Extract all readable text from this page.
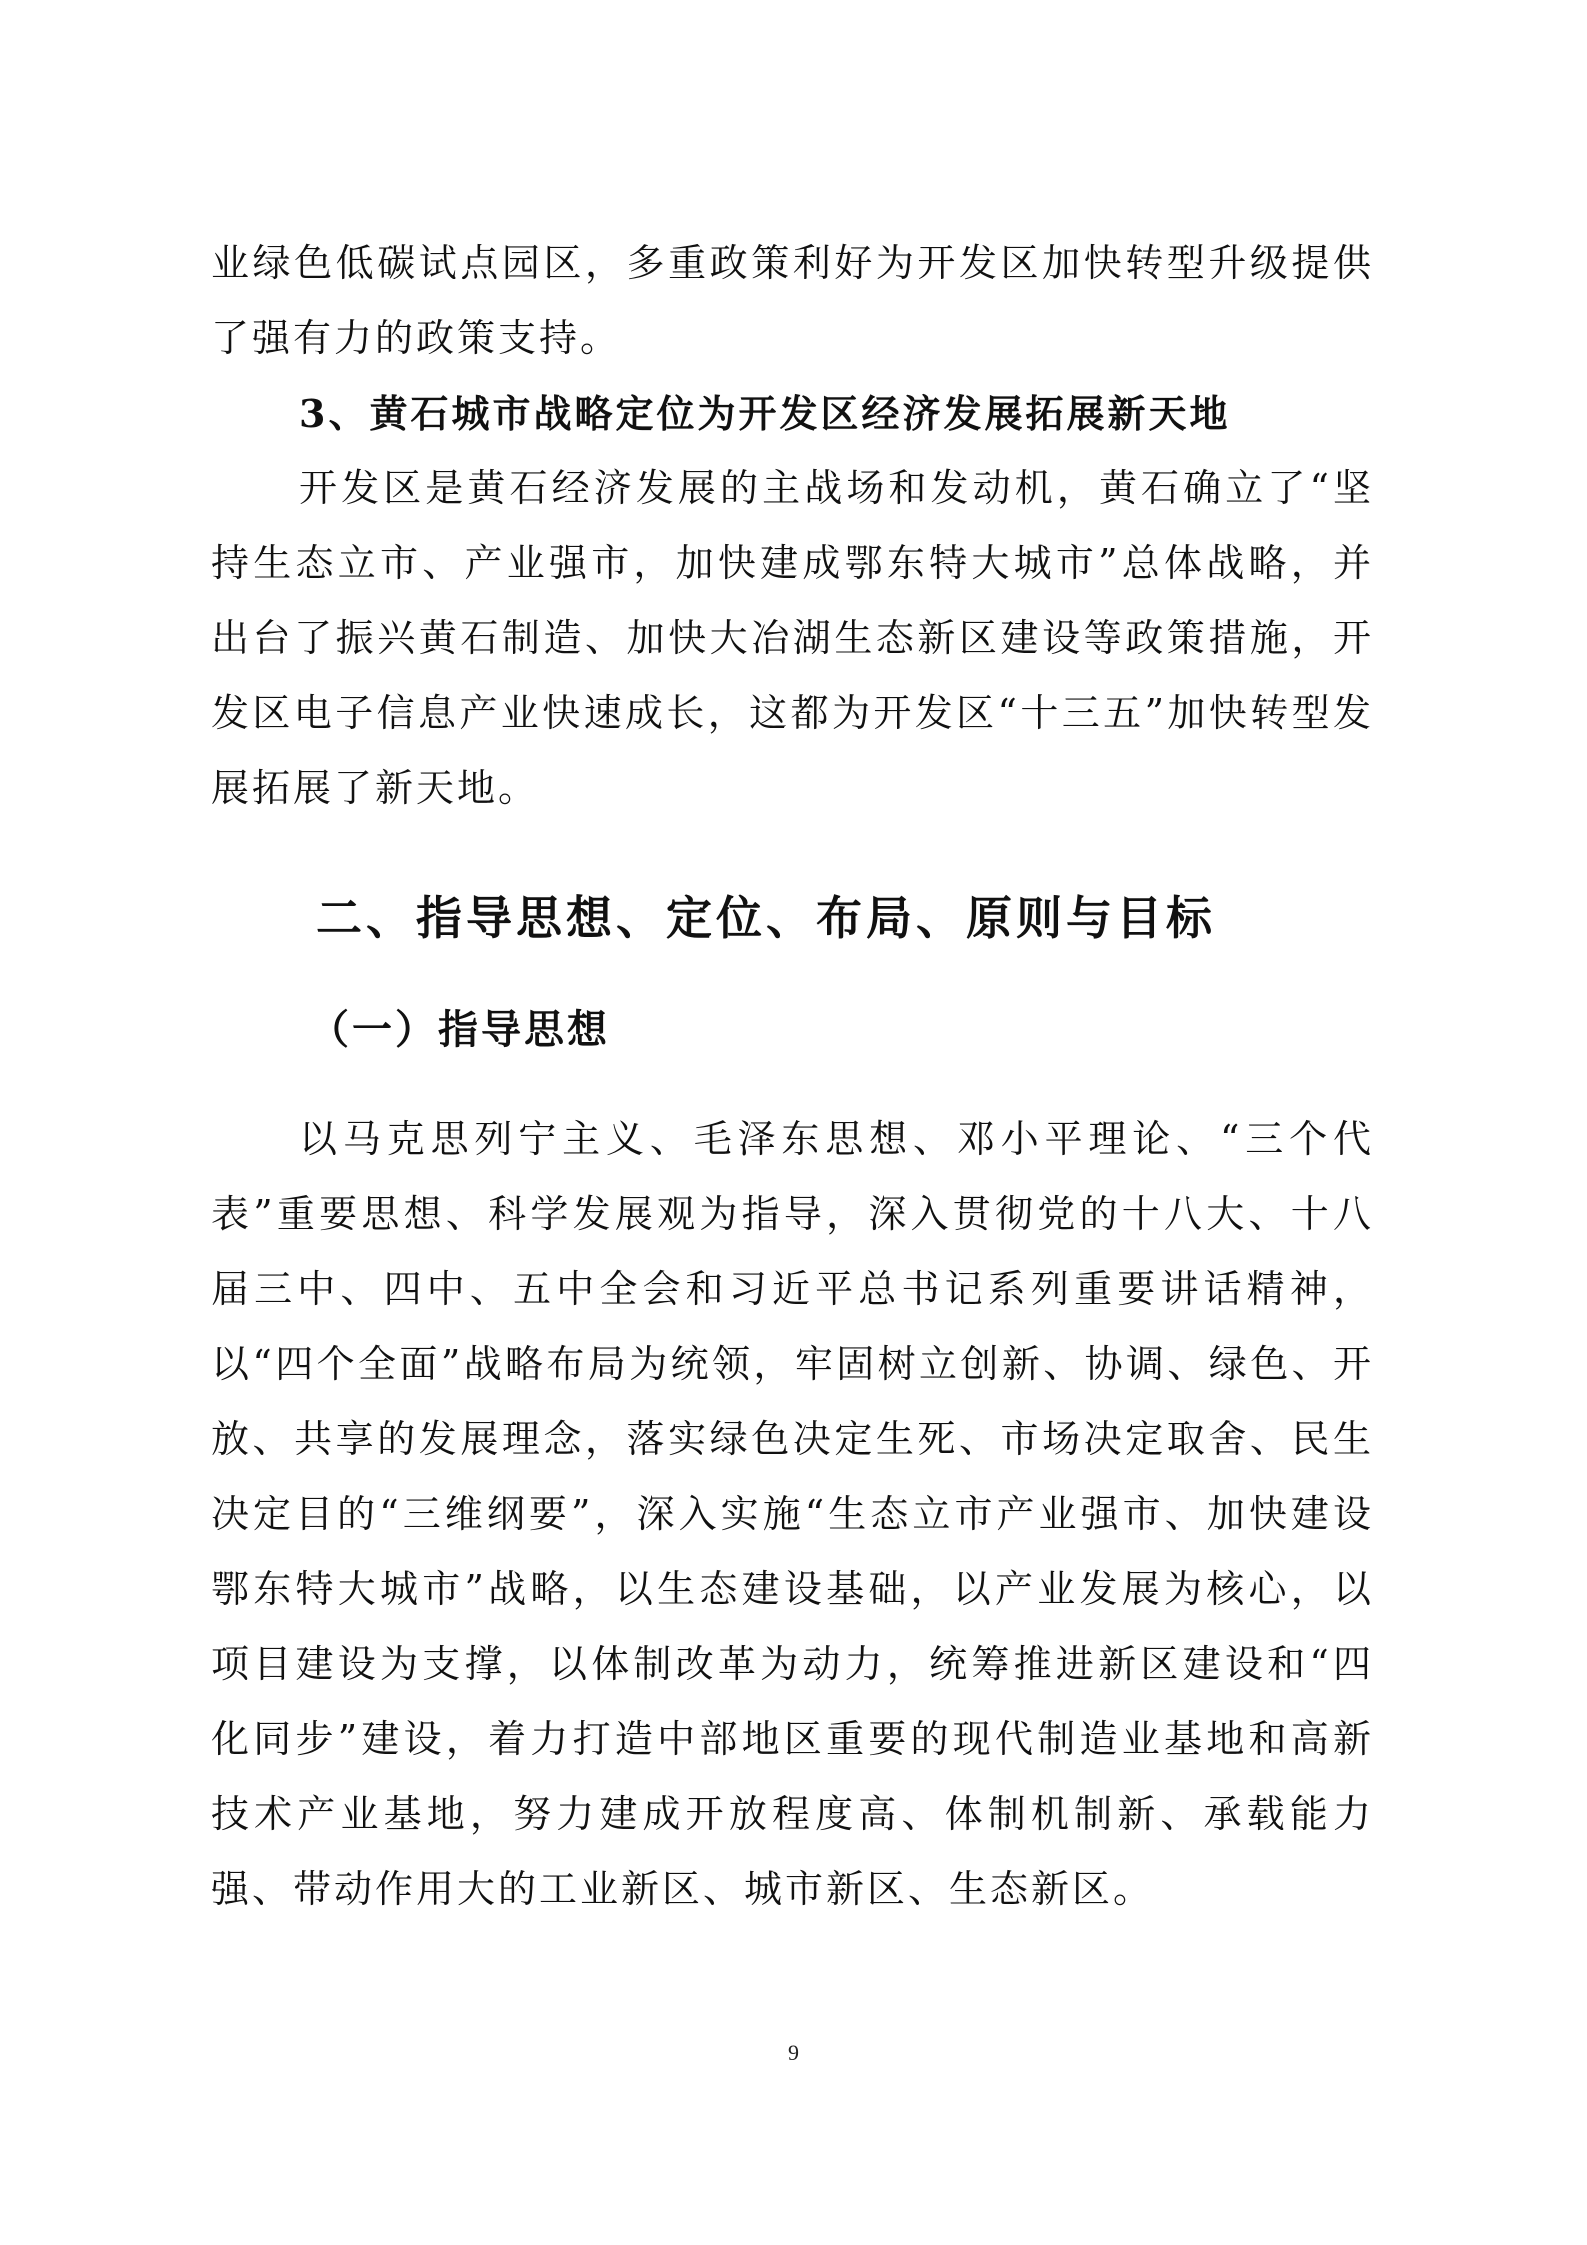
业绿色低碳试点园区，多重政策利好为开发区加快转型升级提供了强有力的政策支持。

3、黄石城市战略定位为开发区经济发展拓展新天地

开发区是黄石经济发展的主战场和发动机，黄石确立了“坚持生态立市、产业强市，加快建成鄂东特大城市”总体战略，并出台了振兴黄石制造、加快大冶湖生态新区建设等政策措施，开发区电子信息产业快速成长，这都为开发区“十三五”加快转型发展拓展了新天地。

二、指导思想、定位、布局、原则与目标
（一）指导思想

以马克思列宁主义、毛泽东思想、邓小平理论、“三个代表”重要思想、科学发展观为指导，深入贯彻党的十八大、十八届三中、四中、五中全会和习近平总书记系列重要讲话精神，以“四个全面”战略布局为统领，牢固树立创新、协调、绿色、开放、共享的发展理念，落实绿色决定生死、市场决定取舍、民生决定目的“三维纲要”，深入实施“生态立市产业强市、加快建设鄂东特大城市”战略，以生态建设基础，以产业发展为核心，以项目建设为支撑，以体制改革为动力，统筹推进新区建设和“四化同步”建设，着力打造中部地区重要的现代制造业基地和高新技术产业基地，努力建成开放程度高、体制机制新、承载能力强、带动作用大的工业新区、城市新区、生态新区。

9
